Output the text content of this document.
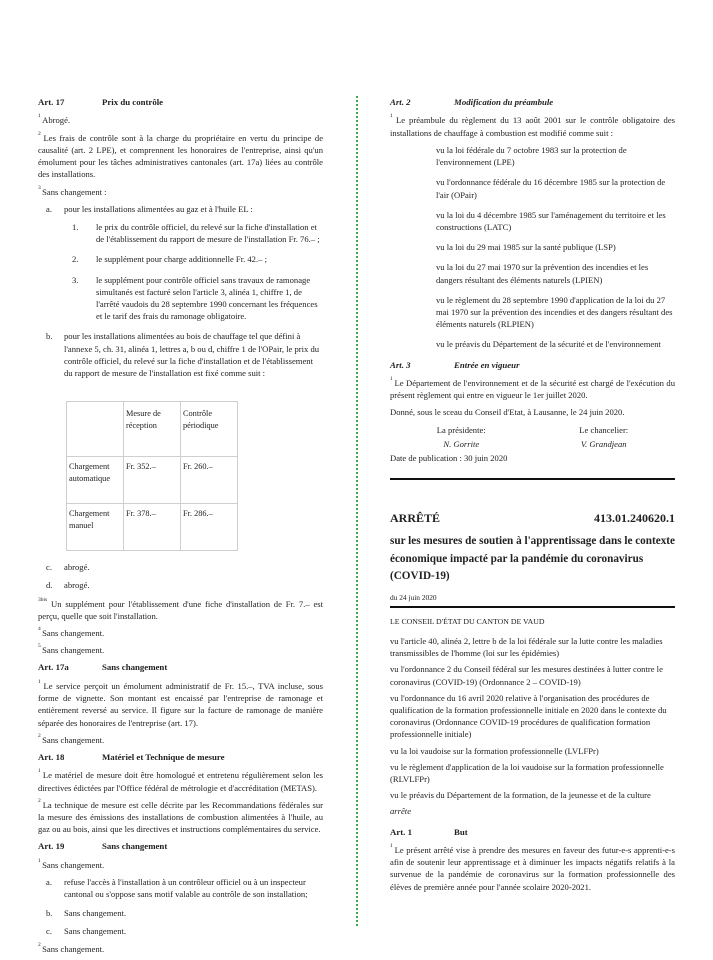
Art. 17	Prix du contrôle

$^1$ Abrogé.

$^2$ Les frais de contrôle sont à la charge du propriétaire en vertu du principe de causalité (art. 2 LPE), et comprennent les honoraires de l'entreprise, ainsi qu'un émolument pour les tâches administratives cantonales (art. 17a) liées au contrôle des installations.

$^3$ Sans changement :

a.	pour les installations alimentées au gaz et à l'huile EL :
1.	le prix du contrôle officiel, du relevé sur la fiche d'installation et de l'établissement du rapport de mesure de l'installation Fr. 76.– ;
2.	le supplément pour charge additionnelle Fr. 42.– ;
3.	le supplément pour contrôle officiel sans travaux de ramonage simultanés est facturé selon l'article 3, alinéa 1, chiffre 1, de l'arrêté vaudois du 28 septembre 1990 concernant les fréquences et le tarif des frais du ramonage obligatoire.
b.	pour les installations alimentées au bois de chauffage tel que défini à l'annexe 5, ch. 31, alinéa 1, lettres a, b ou d, chiffre 1 de l'OPair, le prix du contrôle officiel, du relevé sur la fiche d'installation et de l'établissement du rapport de mesure de l'installation est fixé comme suit :
	Mesure de réception	Contrôle périodique
Chargement automatique	Fr. 352.–	Fr. 260.–
Chargement manuel	Fr. 378.–	Fr. 286.–
c.	abrogé.
d.	abrogé.

$^{3bis}$ Un supplément pour l'établissement d'une fiche d'installation de Fr. 7.– est perçu, quelle que soit l'installation.

$^4$ Sans changement.

$^5$ Sans changement.

Art. 17a	Sans changement

$^1$ Le service perçoit un émolument administratif de Fr. 15.–, TVA incluse, sous forme de vignette. Son montant est encaissé par l'entreprise de ramonage et entièrement reversé au service. Il figure sur la facture de ramonage de manière séparée des honoraires de l'entreprise (art. 17).

$^2$ Sans changement.

Art. 18	Matériel et Technique de mesure

$^1$ Le matériel de mesure doit être homologué et entretenu régulièrement selon les directives édictées par l'Office fédéral de métrologie et d'accréditation (METAS).

$^2$ La technique de mesure est celle décrite par les Recommandations fédérales sur la mesure des émissions des installations de combustion alimentées à l'huile, au gaz ou au bois, ainsi que les directives et instructions complémentaires du service.

Art. 19	Sans changement

$^1$ Sans changement.

a.	refuse l'accès à l'installation à un contrôleur officiel ou à un inspecteur cantonal ou s'oppose sans motif valable au contrôle de son installation;
b.	Sans changement.
c.	Sans changement.

$^2$ Sans changement.

Art. 2	Modification du préambule

$^1$ Le préambule du règlement du 13 août 2001 sur le contrôle obligatoire des installations de chauffage à combustion est modifié comme suit :

vu la loi fédérale du 7 octobre 1983 sur la protection de l'environnement (LPE)
vu l'ordonnance fédérale du 16 décembre 1985 sur la protection de l'air (OPair)
vu la loi du 4 décembre 1985 sur l'aménagement du territoire et les constructions (LATC)
vu la loi du 29 mai 1985 sur la santé publique (LSP)
vu la loi du 27 mai 1970 sur la prévention des incendies et les dangers résultant des éléments naturels (LPIEN)
vu le règlement du 28 septembre 1990 d'application de la loi du 27 mai 1970 sur la prévention des incendies et des dangers résultant des éléments naturels (RLPIEN)
vu le préavis du Département de la sécurité et de l'environnement
Art. 3	Entrée en vigueur

$^1$ Le Département de l'environnement et de la sécurité est chargé de l'exécution du présent règlement qui entre en vigueur le 1er juillet 2020.

Donné, sous le sceau du Conseil d'Etat, à Lausanne, le 24 juin 2020.

La présidente:	Le chancelier:
N. Gorrite	V. Grandjean

Date de publication : 30 juin 2020

ARRÊTÉ	413.01.240620.1
sur les mesures de soutien à l'apprentissage dans le contexte économique impacté par la pandémie du coronavirus (COVID-19)
du 24 juin 2020
LE CONSEIL D'ÉTAT DU CANTON DE VAUD
vu l'article 40, alinéa 2, lettre b de la loi fédérale sur la lutte contre les maladies transmissibles de l'homme (loi sur les épidémies)
vu l'ordonnance 2 du Conseil fédéral sur les mesures destinées à lutter contre le coronavirus (COVID-19) (Ordonnance 2 – COVID-19)
vu l'ordonnance du 16 avril 2020 relative à l'organisation des procédures de qualification de la formation professionnelle initiale en 2020 dans le contexte du coronavirus (Ordonnance COVID-19 procédures de qualification formation professionnelle initiale)
vu la loi vaudoise sur la formation professionnelle (LVLFPr)
vu le règlement d'application de la loi vaudoise sur la formation professionnelle (RLVLFPr)
vu le préavis du Département de la formation, de la jeunesse et de la culture
arrête
Art. 1	But

$^1$ Le présent arrêté vise à prendre des mesures en faveur des futur-e-s apprenti-e-s afin de soutenir leur apprentissage et à diminuer les impacts négatifs relatifs à la survenue de la pandémie de coronavirus sur la formation professionnelle des élèves de première année pour l'année scolaire 2020-2021.
